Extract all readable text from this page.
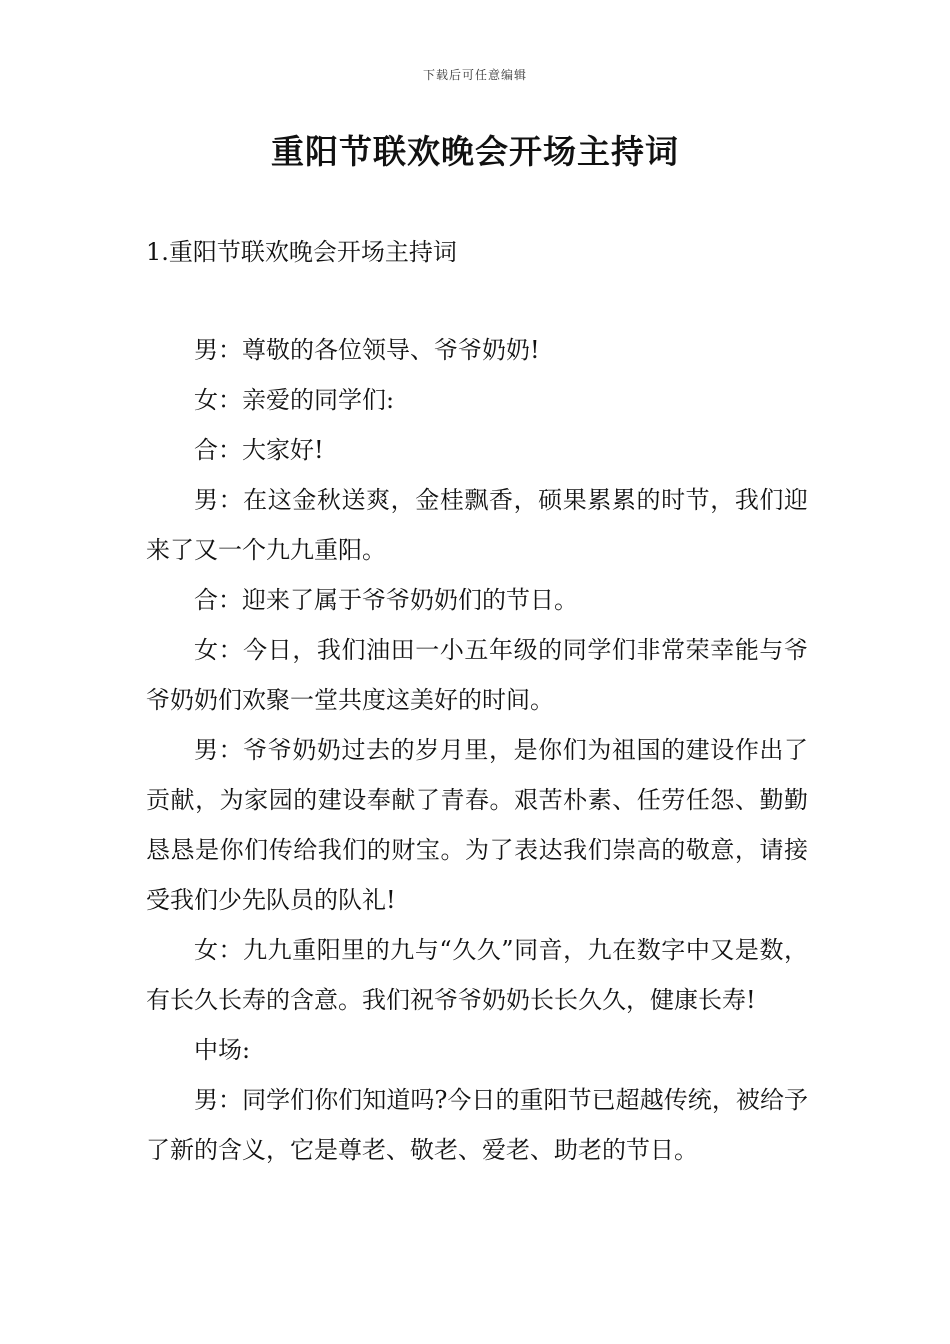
下载后可任意编辑
重阳节联欢晚会开场主持词
1.重阳节联欢晚会开场主持词

男：尊敬的各位领导、爷爷奶奶!

女：亲爱的同学们:

合：大家好!

男：在这金秋送爽，金桂飘香，硕果累累的时节，我们迎来了又一个九九重阳。

合：迎来了属于爷爷奶奶们的节日。

女：今日，我们油田一小五年级的同学们非常荣幸能与爷爷奶奶们欢聚一堂共度这美好的时间。

男：爷爷奶奶过去的岁月里，是你们为祖国的建设作出了贡献，为家园的建设奉献了青春。艰苦朴素、任劳任怨、勤勤恳恳是你们传给我们的财宝。为了表达我们崇高的敬意，请接受我们少先队员的队礼!

女：九九重阳里的九与“久久”同音，九在数字中又是数，有长久长寿的含意。我们祝爷爷奶奶长长久久，健康长寿!

中场:

男：同学们你们知道吗?今日的重阳节已超越传统，被给予了新的含义，它是尊老、敬老、爱老、助老的节日。
